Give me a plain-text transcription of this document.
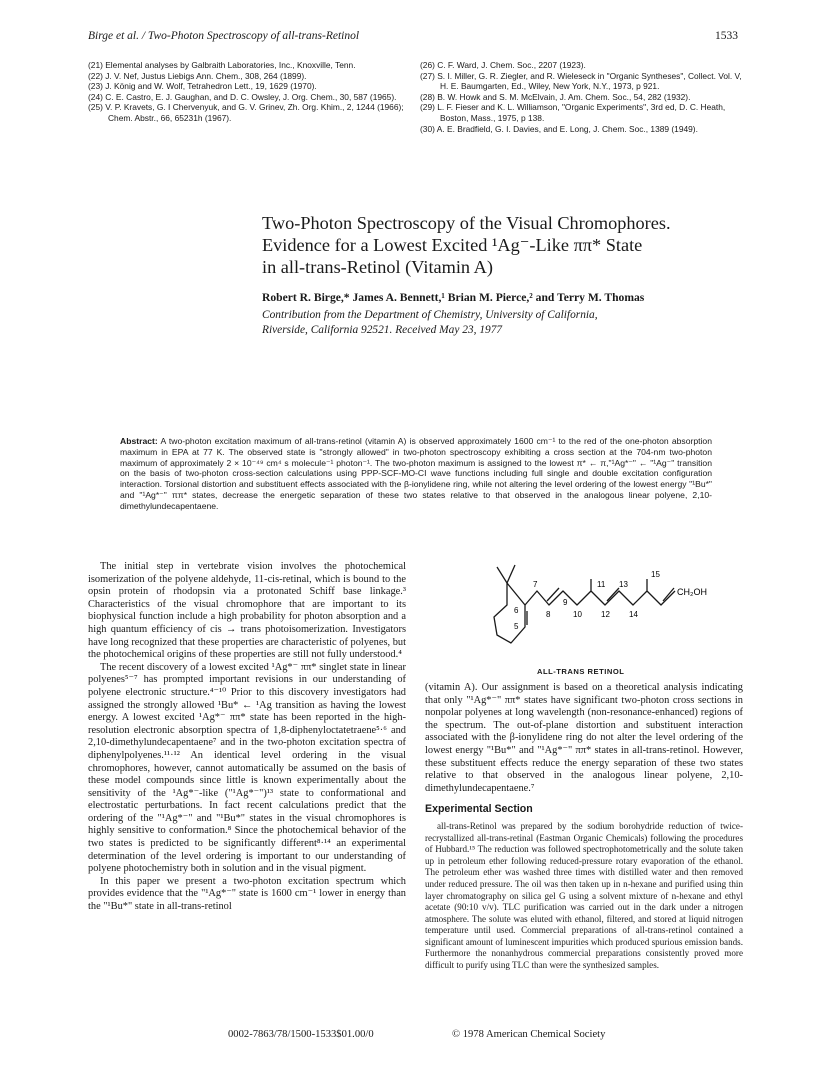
Birge et al. / Two-Photon Spectroscopy of all-trans-Retinol	1533
(21) Elemental analyses by Galbraith Laboratories, Inc., Knoxville, Tenn.
(22) J. V. Nef, Justus Liebigs Ann. Chem., 308, 264 (1899).
(23) J. König and W. Wolf, Tetrahedron Lett., 19, 1629 (1970).
(24) C. E. Castro, E. J. Gaughan, and D. C. Owsley, J. Org. Chem., 30, 587 (1965).
(25) V. P. Kravets, G. I Chervenyuk, and G. V. Grinev, Zh. Org. Khim., 2, 1244 (1966); Chem. Abstr., 66, 65231h (1967).
(26) C. F. Ward, J. Chem. Soc., 2207 (1923).
(27) S. I. Miller, G. R. Ziegler, and R. Wieleseck in "Organic Syntheses", Collect. Vol. V, H. E. Baumgarten, Ed., Wiley, New York, N.Y., 1973, p 921.
(28) B. W. Howk and S. M. McElvain, J. Am. Chem. Soc., 54, 282 (1932).
(29) L. F. Fieser and K. L. Williamson, "Organic Experiments", 3rd ed, D. C. Heath, Boston, Mass., 1975, p 138.
(30) A. E. Bradfield, G. I. Davies, and E. Long, J. Chem. Soc., 1389 (1949).
Two-Photon Spectroscopy of the Visual Chromophores.
Evidence for a Lowest Excited ¹Ag⁻-Like ππ* State
in all-trans-Retinol (Vitamin A)
Robert R. Birge,* James A. Bennett,¹ Brian M. Pierce,² and Terry M. Thomas
Contribution from the Department of Chemistry, University of California,
Riverside, California 92521. Received May 23, 1977
Abstract: A two-photon excitation maximum of all-trans-retinol (vitamin A) is observed approximately 1600 cm⁻¹ to the red of the one-photon absorption maximum in EPA at 77 K. The observed state is "strongly allowed" in two-photon spectroscopy exhibiting a cross section at the 704-nm two-photon maximum of approximately 2 × 10⁻⁴⁹ cm⁴ s molecule⁻¹ photon⁻¹. The two-photon maximum is assigned to the lowest π* ← π,"¹Ag*⁻" ← "¹Ag⁻" transition on the basis of two-photon cross-section calculations using PPP-SCF-MO-CI wave functions including full single and double excitation configuration interaction. Torsional distortion and substituent effects associated with the β-ionylidene ring, while not altering the level ordering of the lowest energy "¹Bu*" and "¹Ag*⁻" ππ* states, decrease the energetic separation of these two states relative to that observed in the analogous linear polyene, 2,10-dimethylundecapentaene.

The initial step in vertebrate vision involves the photochemical isomerization of the polyene aldehyde, 11-cis-retinal, which is bound to the opsin protein of rhodopsin via a protonated Schiff base linkage.³ Characteristics of the visual chromophore that are important to its biophysical function include a high probability for photon absorption and a high quantum efficiency of cis → trans photoisomerization. Investigators have long recognized that these properties are characteristic of polyenes, but the photochemical origins of these properties are still not fully understood.⁴

The recent discovery of a lowest excited ¹Ag*⁻ ππ* singlet state in linear polyenes⁵⁻⁷ has prompted important revisions in our understanding of polyene electronic structure.⁴⁻¹⁰ Prior to this discovery investigators had assigned the strongly allowed ¹Bu* ← ¹Ag transition as having the lowest energy. A lowest excited ¹Ag*⁻ ππ* state has been reported in the high-resolution electronic absorption spectra of 1,8-diphenyloctatetraene⁵·⁶ and 2,10-dimethylundecapentaene⁷ and in the two-photon excitation spectra of diphenylpolyenes.¹¹·¹² An identical level ordering in the visual chromophores, however, cannot automatically be assumed on the basis of these model compounds since little is known experimentally about the sensitivity of the ¹Ag*⁻-like ("¹Ag*⁻")¹³ state to conformational and electrostatic perturbations. In fact recent calculations predict that the ordering of the "¹Ag*⁻" and "¹Bu*" states in the visual chromophores is highly sensitive to conformation.⁸ Since the photochemical behavior of the two states is predicted to be significantly different⁸·¹⁴ an experimental determination of the level ordering is important to our understanding of polyene photochemistry both in solution and in the visual pigment.

In this paper we present a two-photon excitation spectrum which provides evidence that the "¹Ag*⁻" state is 1600 cm⁻¹ lower in energy than the "¹Bu*" state in all-trans-retinol

5
6
7
8
9
10
11
12
13
14
15
CH₂OH
ALL-TRANS RETINOL

(vitamin A). Our assignment is based on a theoretical analysis indicating that only "¹Ag*⁻" ππ* states have significant two-photon cross sections in nonpolar polyenes at long wavelength (non-resonance-enhanced) regions of the spectrum. The out-of-plane distortion and substituent interaction associated with the β-ionylidene ring do not alter the level ordering of the lowest energy "¹Bu*" and "¹Ag*⁻" ππ* states in all-trans-retinol. However, these substituent effects reduce the energy separation of these two states relative to that observed in the analogous linear polyene, 2,10-dimethylundecapentaene.⁷

Experimental Section

all-trans-Retinol was prepared by the sodium borohydride reduction of twice-recrystallized all-trans-retinal (Eastman Organic Chemicals) following the procedures of Hubbard.¹⁵ The reduction was followed spectrophotometrically and the solute taken up in petroleum ether following reduced-pressure rotary evaporation of the ethanol. The petroleum ether was washed three times with distilled water and then removed under reduced pressure. The oil was then taken up in n-hexane and purified using thin layer chromatography on silica gel G using a solvent mixture of n-hexane and ethyl acetate (90:10 v/v). TLC purification was carried out in the dark under a nitrogen atmosphere. The solute was eluted with ethanol, filtered, and stored at liquid nitrogen temperature until used. Commercial preparations of all-trans-retinol contained a significant amount of luminescent impurities which produced spurious emission bands. Furthermore the nonanhydrous commercial preparations consistently proved more difficult to purify using TLC than were the synthesized samples.

0002-7863/78/1500-1533$01.00/0	© 1978 American Chemical Society
